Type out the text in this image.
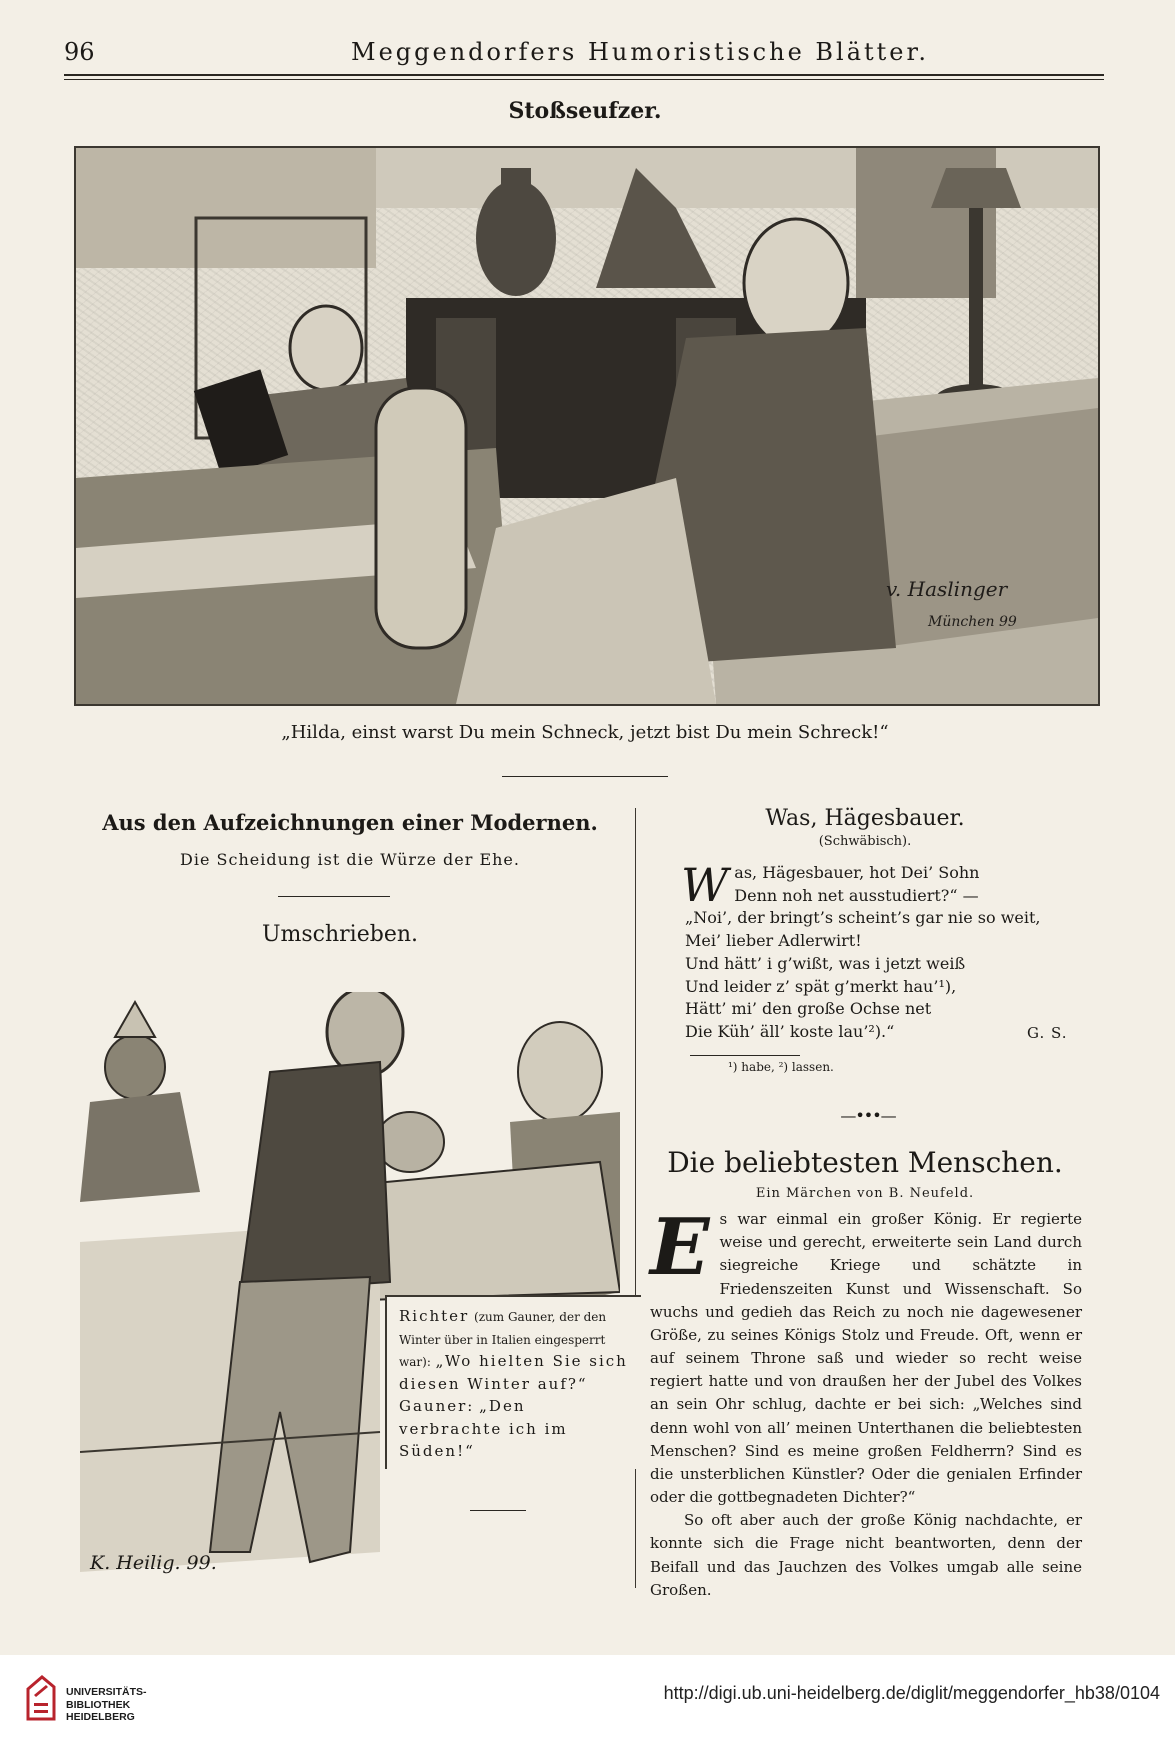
96	Meggendorfers Humoristische Blätter.
Stoßseufzer.
v. Haslinger
München 99
„Hilda, einst warst Du mein Schneck, jetzt bist Du mein Schreck!“
Aus den Aufzeichnungen einer Modernen.
Die Scheidung ist die Würze der Ehe.
Umschrieben.
Richter (zum Gauner, der den Winter über in Italien eingesperrt war): „Wo hielten Sie sich diesen Winter auf?“
Gauner: „Den verbrachte ich im Süden!“
K. Heilig. 99.
Was, Hägesbauer.
(Schwäbisch).
Was, Hägesbauer, hot Dei’ Sohn
Denn noh net ausstudiert?“ —
„Noi’, der bringt’s scheint’s gar nie so weit,
Mei’ lieber Adlerwirt!
Und hätt’ i g’wißt, was i jetzt weiß
Und leider z’ spät g’merkt hau’¹),
Hätt’ mi’ den große Ochse net
Die Küh’ äll’ koste lau’²).“	G. S.
¹) habe, ²) lassen.
—•••—
Die beliebtesten Menschen.
Ein Märchen von B. Neufeld.

Es war einmal ein großer König. Er regierte weise und gerecht, erweiterte sein Land durch siegreiche Kriege und schätzte in Friedenszeiten Kunst und Wissenschaft. So wuchs und gedieh das Reich zu noch nie dagewesener Größe, zu seines Königs Stolz und Freude. Oft, wenn er auf seinem Throne saß und wieder so recht weise regiert hatte und von draußen her der Jubel des Volkes an sein Ohr schlug, dachte er bei sich: „Welches sind denn wohl von all’ meinen Unterthanen die beliebtesten Menschen? Sind es meine großen Feldherrn? Sind es die unsterblichen Künstler? Oder die genialen Erfinder oder die gottbegnadeten Dichter?“

So oft aber auch der große König nachdachte, er konnte sich die Frage nicht beantworten, denn der Beifall und das Jauchzen des Volkes umgab alle seine Großen.

UNIVERSITÄTS-
BIBLIOTHEK
HEIDELBERG
http://digi.ub.uni-heidelberg.de/diglit/meggendorfer_hb38/0104
